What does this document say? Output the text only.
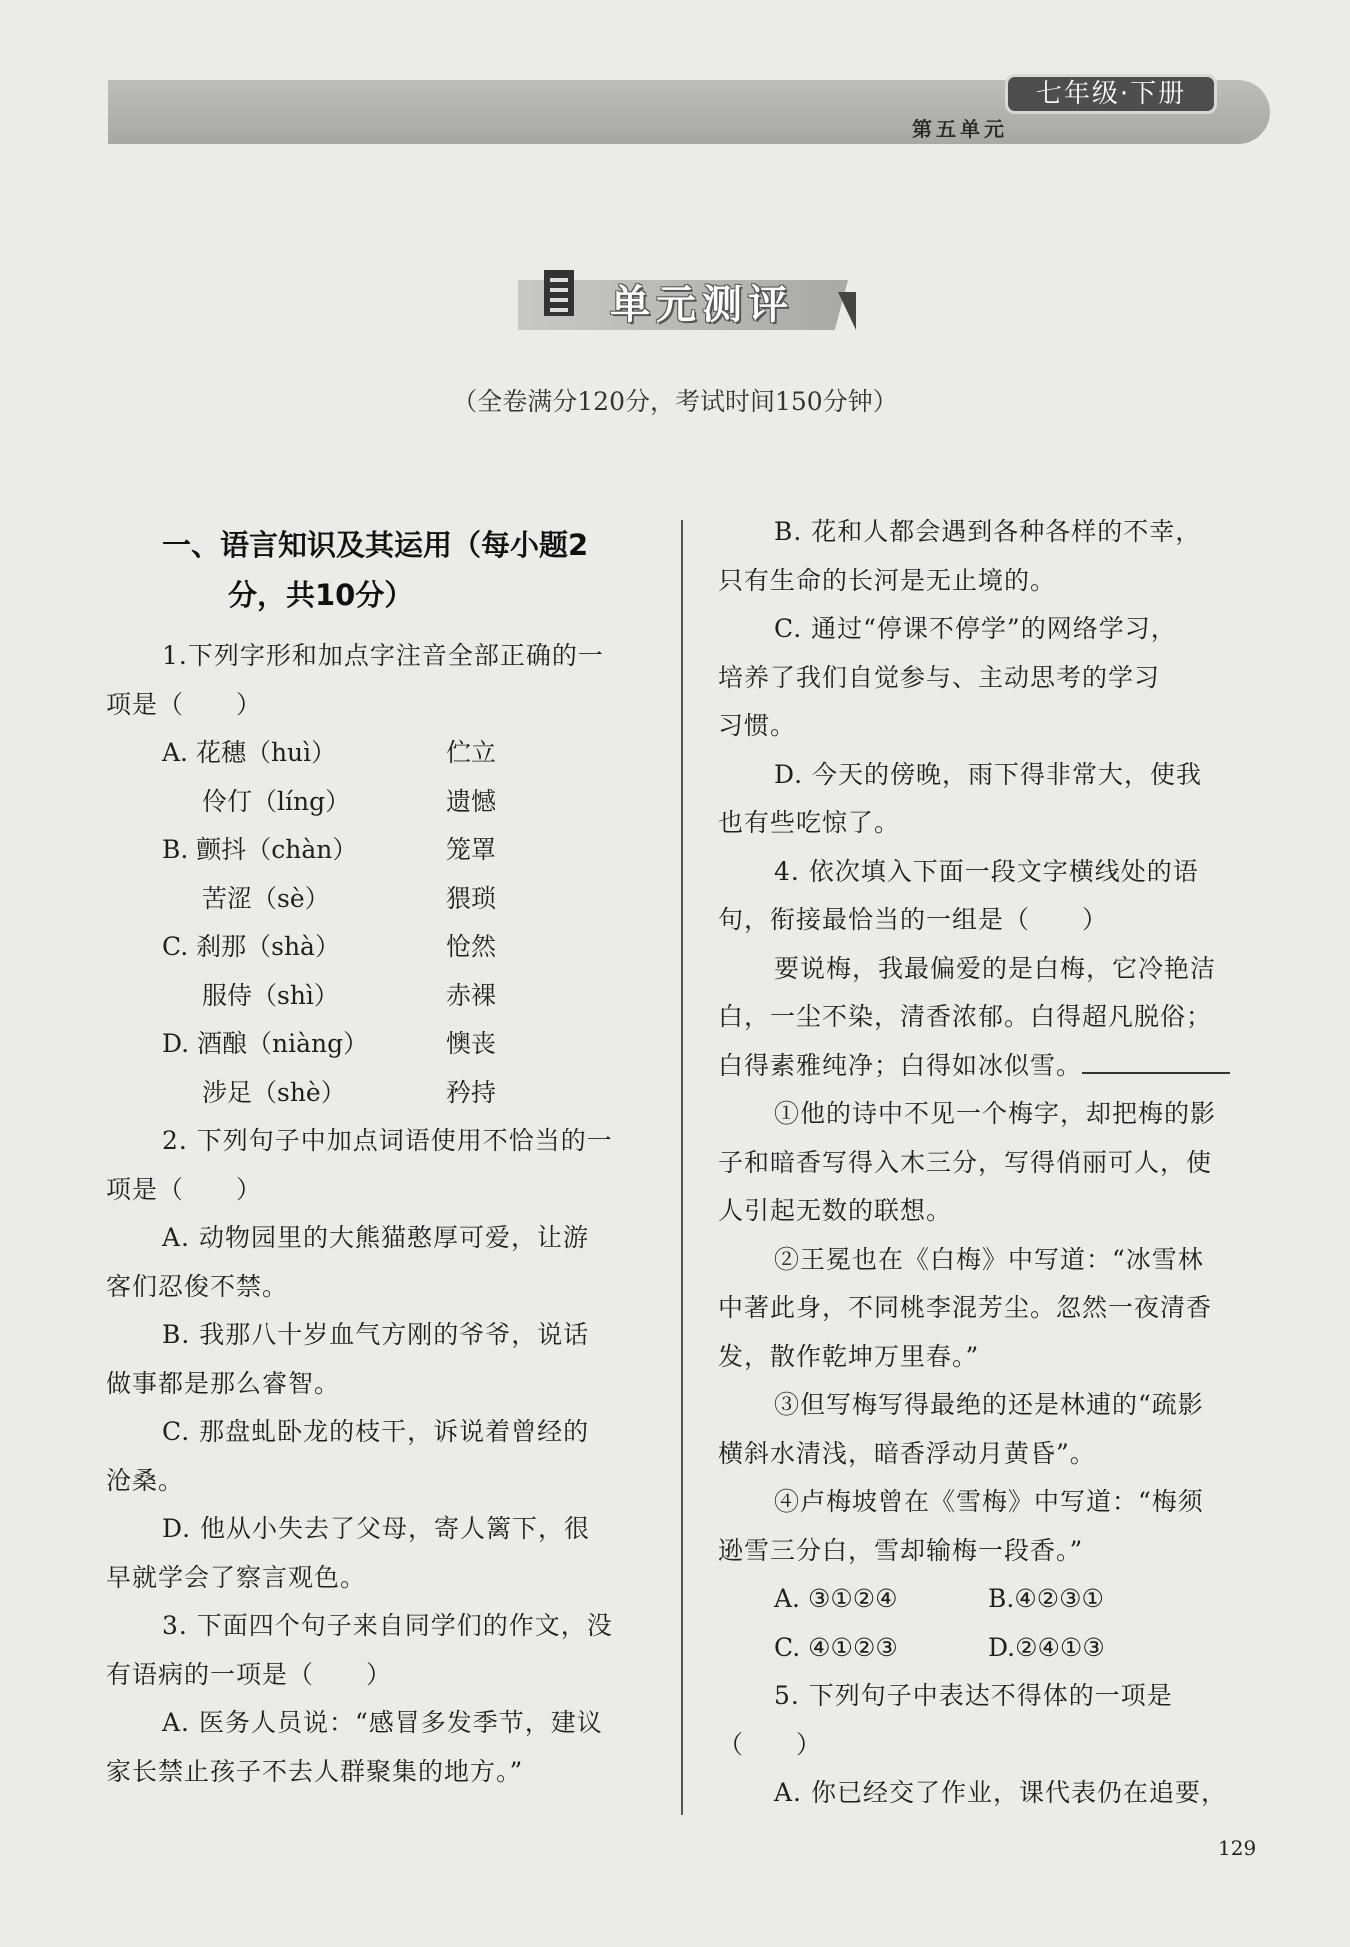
七年级·下册
第五单元
单元测评
（全卷满分120分，考试时间150分钟）
一、语言知识及其运用（每小题2
分，共10分）
1.下列字形和加点字注音全部正确的一
项是（　　）
A. 花穗（huì）	伫立
伶仃（líng）	遗憾
B. 颤抖（chàn）	笼罩
苦涩（sè）	猥琐
C. 刹那（shà）	怆然
服侍（shì）	赤裸
D. 酒酿（niàng）	懊丧
涉足（shè）	矜持
2. 下列句子中加点词语使用不恰当的一
项是（　　）
A. 动物园里的大熊猫憨厚可爱，让游
客们忍俊不禁。
B. 我那八十岁血气方刚的爷爷，说话
做事都是那么睿智。
C. 那盘虬卧龙的枝干，诉说着曾经的
沧桑。
D. 他从小失去了父母，寄人篱下，很
早就学会了察言观色。
3. 下面四个句子来自同学们的作文，没
有语病的一项是（　　）
A. 医务人员说：“感冒多发季节，建议
家长禁止孩子不去人群聚集的地方。”
B. 花和人都会遇到各种各样的不幸，
只有生命的长河是无止境的。
C. 通过“停课不停学”的网络学习，
培养了我们自觉参与、主动思考的学习
习惯。
D. 今天的傍晚，雨下得非常大，使我
也有些吃惊了。
4. 依次填入下面一段文字横线处的语
句，衔接最恰当的一组是（　　）
要说梅，我最偏爱的是白梅，它冷艳洁
白，一尘不染，清香浓郁。白得超凡脱俗；
白得素雅纯净；白得如冰似雪。
①他的诗中不见一个梅字，却把梅的影
子和暗香写得入木三分，写得俏丽可人，使
人引起无数的联想。
②王冕也在《白梅》中写道：“冰雪林
中著此身，不同桃李混芳尘。忽然一夜清香
发，散作乾坤万里春。”
③但写梅写得最绝的还是林逋的“疏影
横斜水清浅，暗香浮动月黄昏”。
④卢梅坡曾在《雪梅》中写道：“梅须
逊雪三分白，雪却输梅一段香。”
A. ③①②④	B.④②③①
C. ④①②③	D.②④①③
5. 下列句子中表达不得体的一项是
（　　）
A. 你已经交了作业，课代表仍在追要，
129
